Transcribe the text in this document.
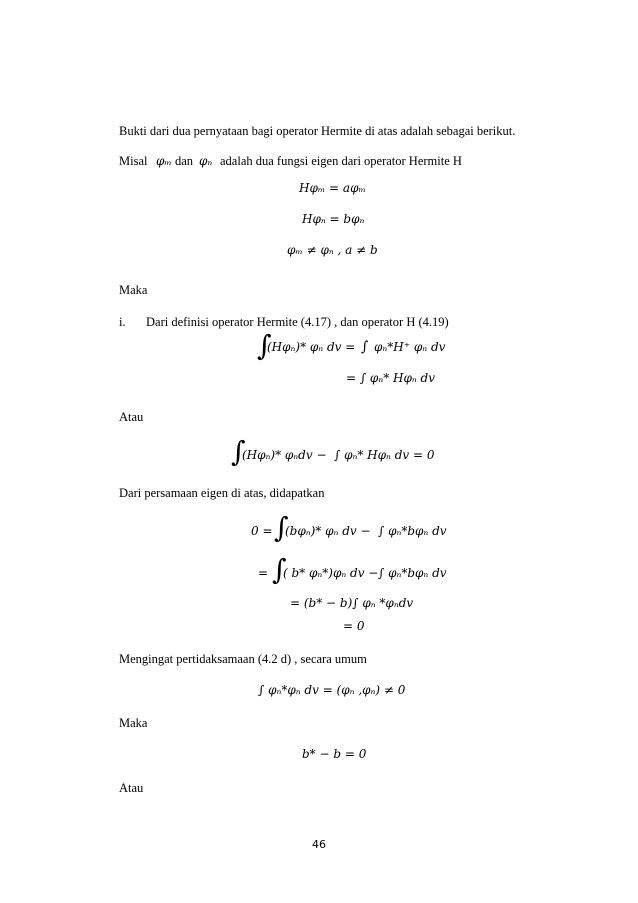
Bukti dari dua pernyataan bagi operator Hermite di atas adalah sebagai berikut.
Misal φₘ dan φₙ adalah dua fungsi eigen dari operator Hermite H
Hφₘ = aφₘ
Hφₙ = bφₙ
φₘ ≠ φₙ , a ≠ b
Maka
i. Dari definisi operator Hermite (4.17) , dan operator H (4.19)
∫
(Hφₙ)* φₙ dv = φₙ*H⁺ φₙ dv
∫
= ∫ φₙ* Hφₙ dv
Atau
∫
(Hφₙ)* φₙdv − ∫ φₙ* Hφₙ dv = 0
Dari persamaan eigen di atas, didapatkan
0 = ∫
(bφₙ)* φₙ dv − ∫ φₙ*bφₙ dv
= ∫
( b* φₙ*)φₙ dv − ∫ φₙ*bφₙ dv
= (b* − b)∫ φₙ *φₙdv
= 0
Mengingat pertidaksamaan (4.2 d) , secara umum
∫ φₙ*φₙ dv = (φₙ ,φₙ) ≠ 0
Maka
b* − b = 0
Atau
46
